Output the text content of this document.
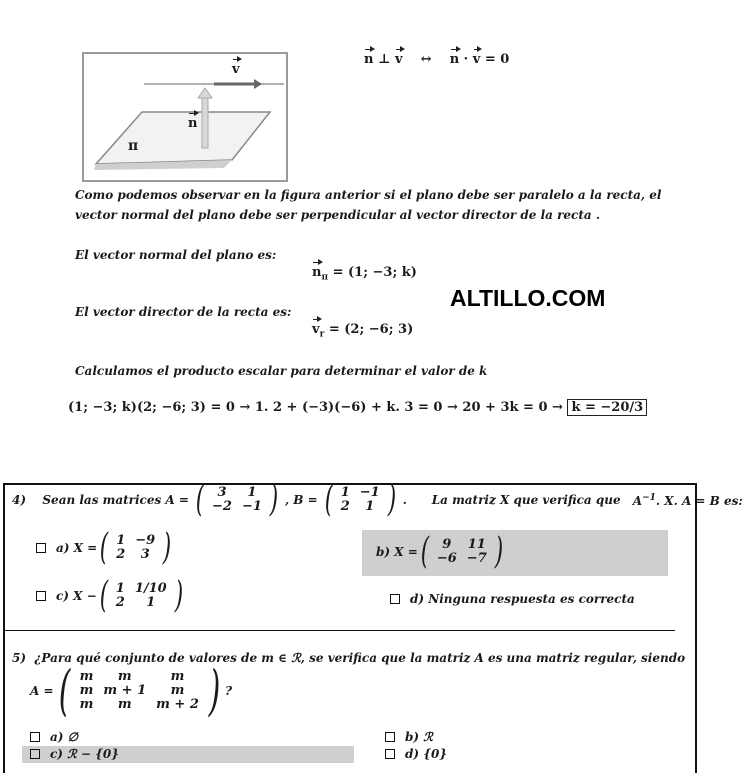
v
n
π
n ⊥ v ↔ n · v = 0
Como podemos observar en la figura anterior si el plano debe ser paralelo a la recta, el
vector normal del plano debe ser perpendicular al vector director de la recta .
El vector normal del plano es:
$n_\pi = (1$; −3; k)
ALTILLO.COM
El vector director de la recta es:
$v_r = (2$; −6; 3)
Calculamos el producto escalar para determinar el valor de k
(1; −3; k)(2; −6; 3) = 0 → 1. 2 + (−3)(−6) + k. 3 = 0 → 20 + 3k = 0 → k = −20/3
4)
Sean las matrices A = ( 3	1
−2	−1 ) , B = ( 1	−1
2	1 ) .
La matriz X que verifica que
$A^{-1}$. X. A = B es:
a) X = ( 1	−9
2	3 )	b) X = ( 9	11
−6	−7 )
c) X − ( 1	1/10
2	1 )	d) Ninguna respuesta es correcta
5) ¿Para qué conjunto de valores de m ∈ ℛ, se verifica que la matriz A es una matriz regular, siendo
A = ( m	m	m
m	m + 1	m
m	m	m + 2 ) ?
a) ∅	b) ℛ
c) ℛ − {0}	d) {0}
